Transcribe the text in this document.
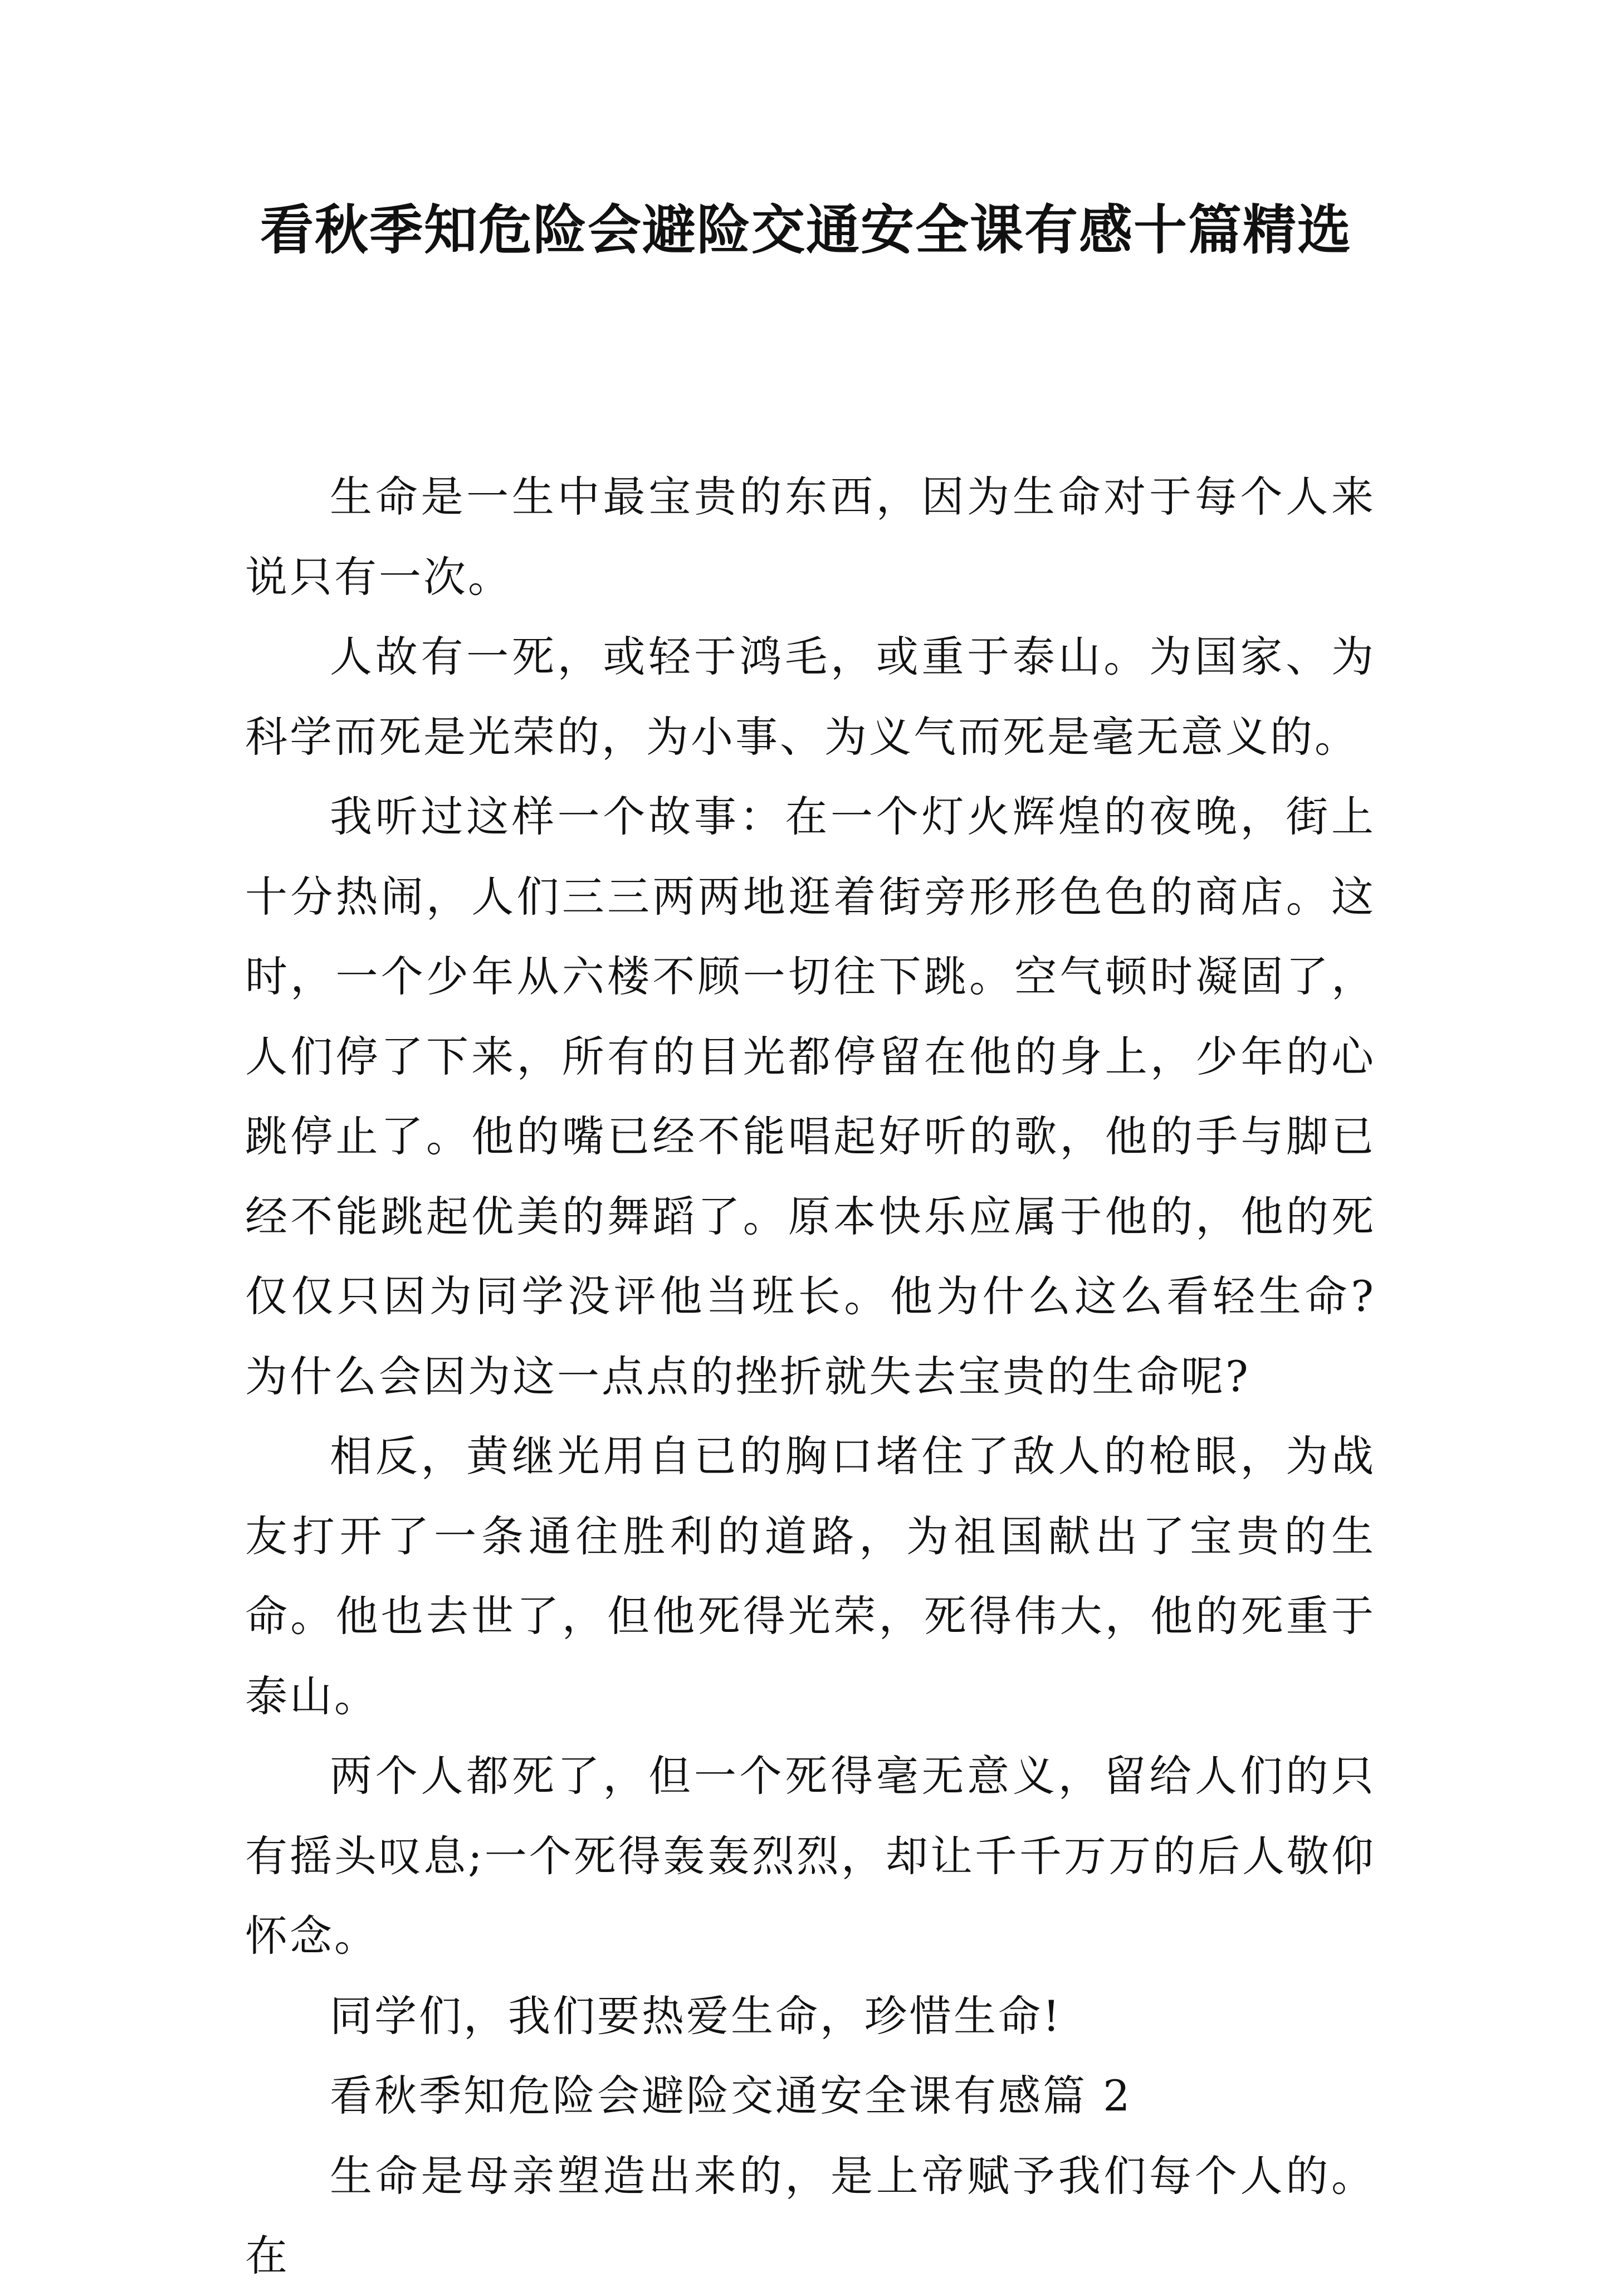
看秋季知危险会避险交通安全课有感十篇精选

生命是一生中最宝贵的东西，因为生命对于每个人来说只有一次。

人故有一死，或轻于鸿毛，或重于泰山。为国家、为科学而死是光荣的，为小事、为义气而死是毫无意义的。

我听过这样一个故事：在一个灯火辉煌的夜晚，街上十分热闹，人们三三两两地逛着街旁形形色色的商店。这时，一个少年从六楼不顾一切往下跳。空气顿时凝固了，人们停了下来，所有的目光都停留在他的身上，少年的心跳停止了。他的嘴已经不能唱起好听的歌，他的手与脚已经不能跳起优美的舞蹈了。原本快乐应属于他的，他的死仅仅只因为同学没评他当班长。他为什么这么看轻生命?为什么会因为这一点点的挫折就失去宝贵的生命呢?

相反，黄继光用自已的胸口堵住了敌人的枪眼，为战友打开了一条通往胜利的道路，为祖国献出了宝贵的生命。他也去世了，但他死得光荣，死得伟大，他的死重于泰山。

两个人都死了，但一个死得毫无意义，留给人们的只有摇头叹息;一个死得轰轰烈烈，却让千千万万的后人敬仰怀念。

同学们，我们要热爱生命，珍惜生命!

看秋季知危险会避险交通安全课有感篇 2

生命是母亲塑造出来的，是上帝赋予我们每个人的。在
